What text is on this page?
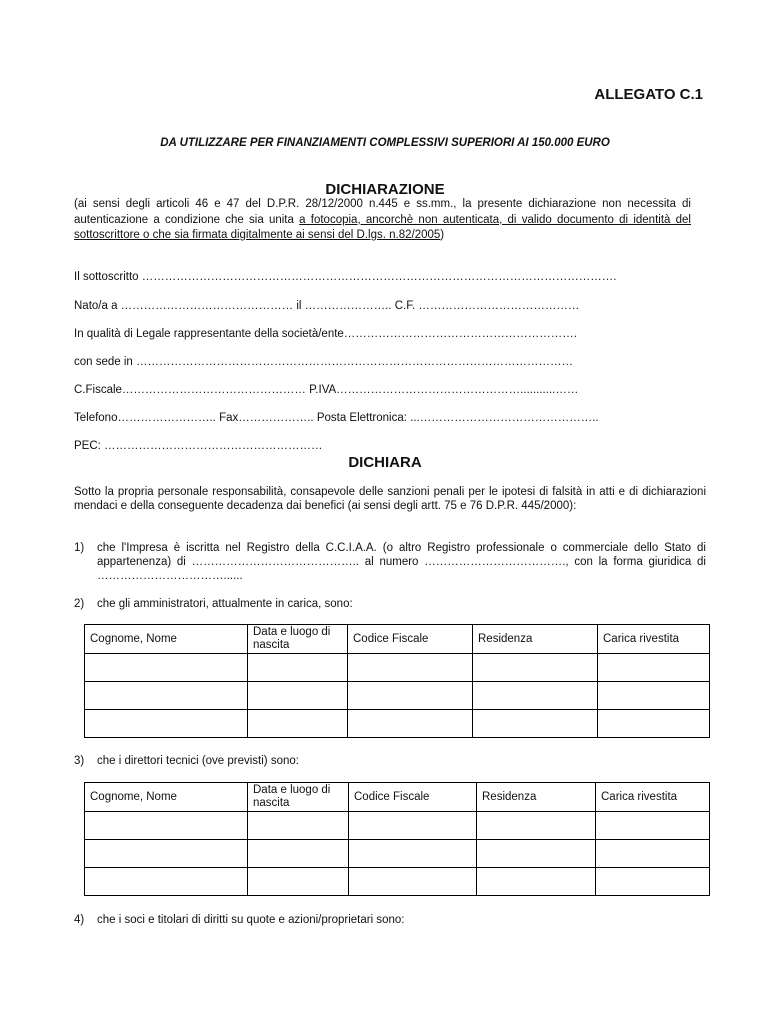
ALLEGATO C.1
DA UTILIZZARE PER FINANZIAMENTI COMPLESSIVI SUPERIORI AI 150.000 EURO
DICHIARAZIONE
(ai sensi degli articoli 46 e 47 del D.P.R. 28/12/2000 n.445 e ss.mm., la presente dichiarazione non necessita di autenticazione a condizione che sia unita a fotocopia, ancorchè non autenticata, di valido documento di identità del sottoscrittore o che sia firmata digitalmente ai sensi del D.lgs. n.82/2005)
Il sottoscritto …………………………………………………………………………………………………………….
Nato/a a ……………………………………… il ………………….. C.F. ……………………………………
In qualità di Legale rappresentante della società/ente…………………………………………………….
con sede in ……………………………………………………………………………………………………
C.Fiscale………………………………………… P.IVA…………………………………………...........……
Telefono…………………….. Fax……………….. Posta Elettronica: ...………………………………………..
PEC: …………………………………………………
DICHIARA
Sotto la propria personale responsabilità, consapevole delle sanzioni penali per le ipotesi di falsità in atti e di dichiarazioni mendaci e della conseguente decadenza dai benefici (ai sensi degli artt. 75 e 76 D.P.R. 445/2000):
1) che l'Impresa è iscritta nel Registro della C.C.I.A.A. (o altro Registro professionale o commerciale dello Stato di appartenenza) di …………………………………….. al numero ………………………………., con la forma giuridica di ……………………………......
2) che gli amministratori, attualmente in carica, sono:
Cognome, Nome	Data e luogo di nascita	Codice Fiscale	Residenza	Carica rivestita

3) che i direttori tecnici (ove previsti) sono:
Cognome, Nome	Data e luogo di nascita	Codice Fiscale	Residenza	Carica rivestita

4) che i soci e titolari di diritti su quote e azioni/proprietari sono:
